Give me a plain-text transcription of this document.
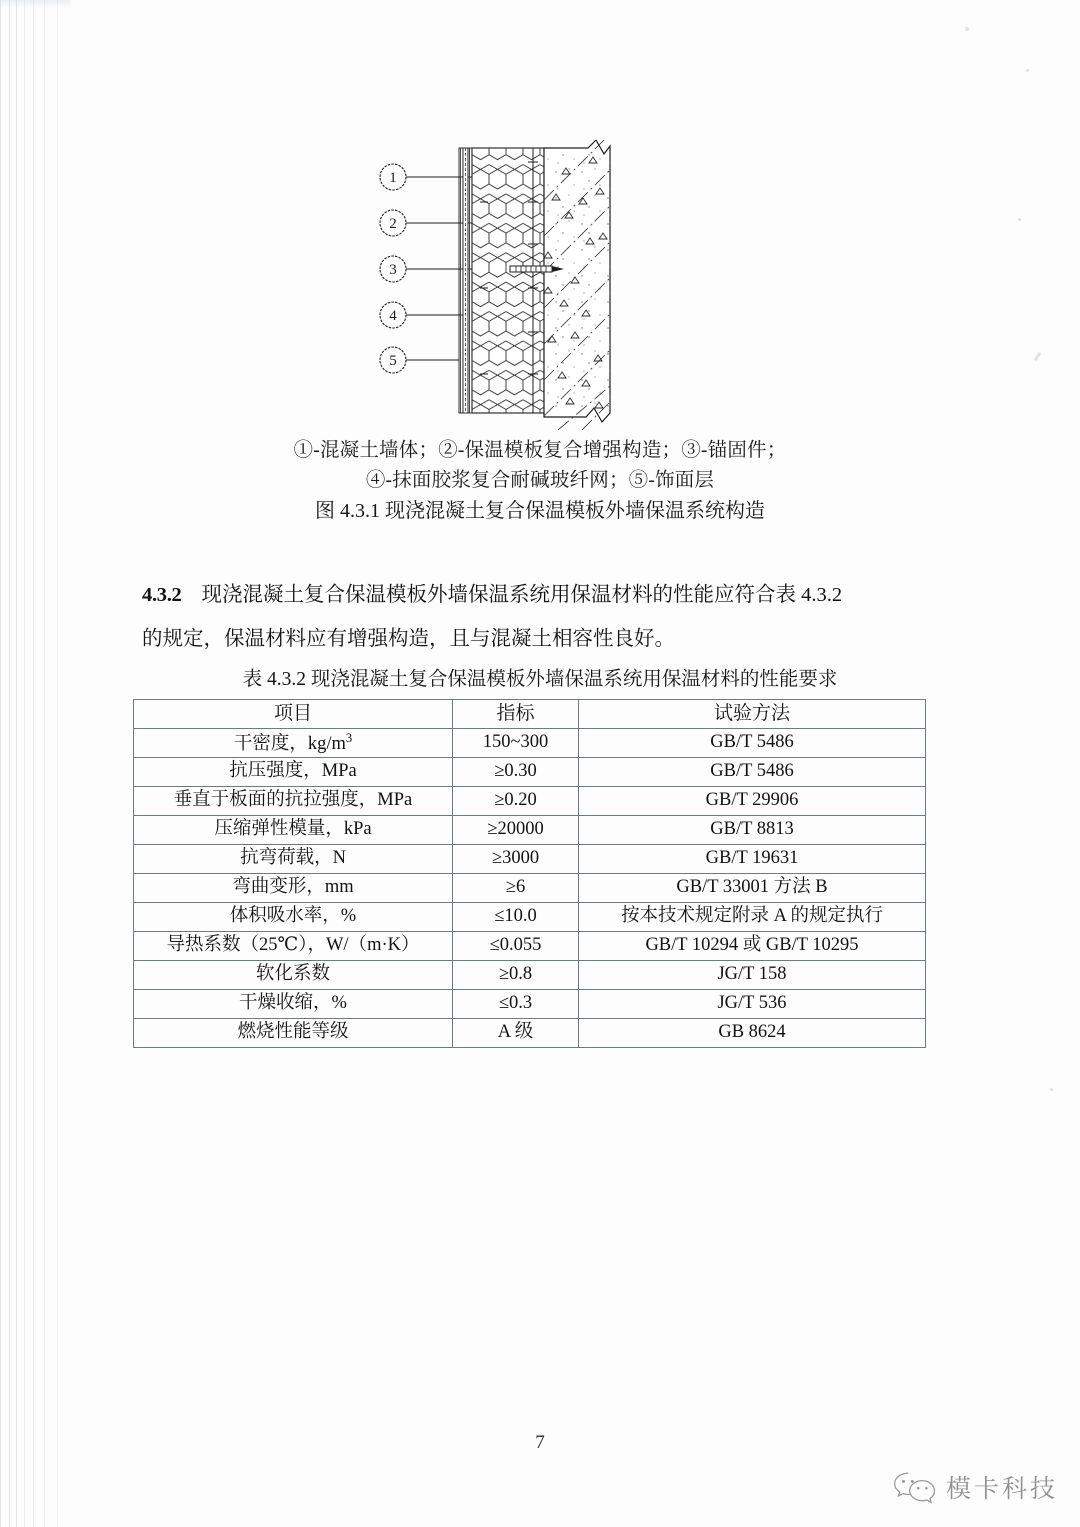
1
2
3
4
5
①-混凝土墙体；②-保温模板复合增强构造；③-锚固件；
④-抹面胶浆复合耐碱玻纤网；⑤-饰面层
图 4.3.1 现浇混凝土复合保温模板外墙保温系统构造
4.3.2 现浇混凝土复合保温模板外墙保温系统用保温材料的性能应符合表 4.3.2
的规定，保温材料应有增强构造，且与混凝土相容性良好。
表 4.3.2 现浇混凝土复合保温模板外墙保温系统用保温材料的性能要求
项目	指标	试验方法
干密度，$kg/m^3$	150~300	GB/T 5486
抗压强度，MPa	≥0.30	GB/T 5486
垂直于板面的抗拉强度，MPa	≥0.20	GB/T 29906
压缩弹性模量，kPa	≥20000	GB/T 8813
抗弯荷载，N	≥3000	GB/T 19631
弯曲变形，mm	≥6	GB/T 33001 方法 B
体积吸水率，%	≤10.0	按本技术规定附录 A 的规定执行
导热系数（25℃），W/（m·K）	≤0.055	GB/T 10294 或 GB/T 10295
软化系数	≥0.8	JG/T 158
干燥收缩，%	≤0.3	JG/T 536
燃烧性能等级	A 级	GB 8624
7
模卡科技
